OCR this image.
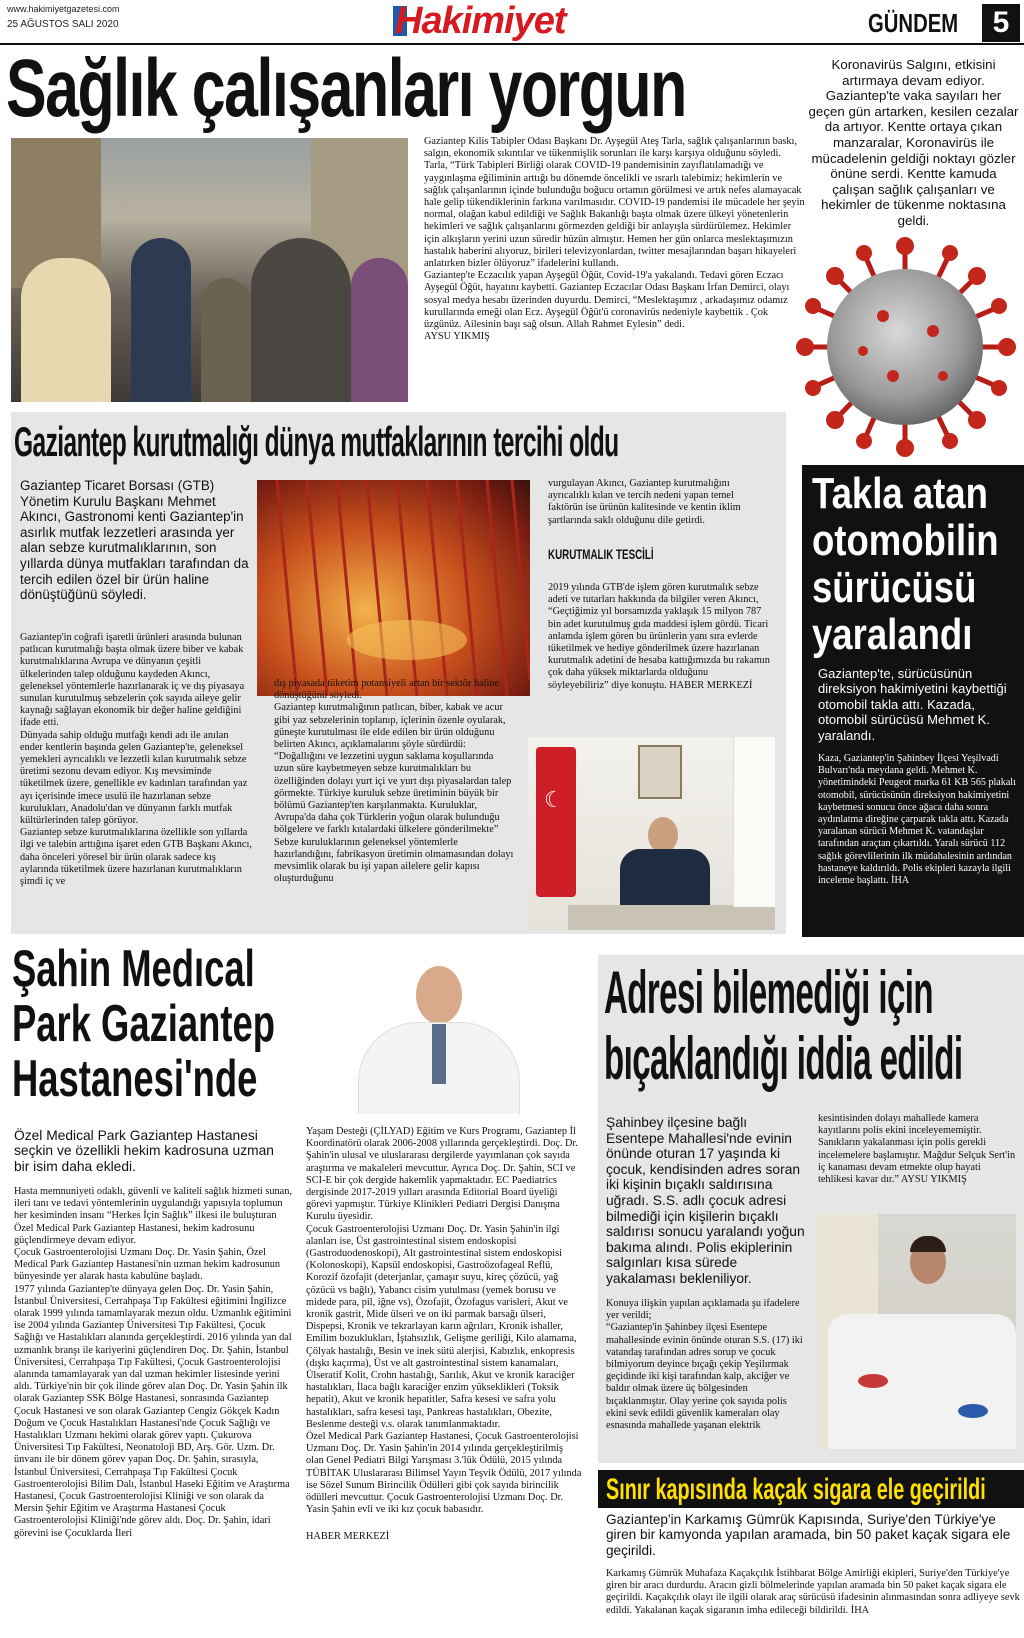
www.hakimiyetgazetesi.com
25 AĞUSTOS SALI 2020	Hakimiyet	GÜNDEM	5
Sağlık çalışanları yorgun

Gaziantep Kilis Tabipler Odası Başkanı Dr. Ayşegül Ateş Tarla, sağlık çalışanlarının baskı, salgın, ekonomik sıkıntılar ve tükenmişlik sorunları ile karşı karşıya olduğunu söyledi. Tarla, “Türk Tabipleri Birliği olarak COVID-19 pandemisinin zayıflatılamadığı ve yaygınlaşma eğiliminin arttığı bu dönemde öncelikli ve ısrarlı talebimiz; hekimlerin ve sağlık çalışanlarının içinde bulunduğu boğucu ortamın görülmesi ve artık nefes alamayacak hale gelip tükendiklerinin farkına varılmasıdır. COVID-19 pandemisi ile mücadele her şeyin normal, olağan kabul edildiği ve Sağlık Bakanlığı başta olmak üzere ülkeyi yönetenlerin hekimleri ve sağlık çalışanlarını görmezden geldiği bir anlayışla sürdürülemez. Hekimler için alkışların yerini uzun süredir hüzün almıştır. Hemen her gün onlarca meslektaşımızın hastalık haberini alıyoruz, birileri televizyonlardan, twitter mesajlarından başarı hikayeleri anlatırken bizler ölüyoruz” ifadelerini kullandı.

Gaziantep'te Eczacılık yapan Ayşegül Öğüt, Covid-19'a yakalandı. Tedavi gören Eczacı Ayşegül Öğüt, hayatını kaybetti. Gaziantep Eczacılar Odası Başkanı İrfan Demirci, olayı sosyal medya hesabı üzerinden duyurdu. Demirci, “Meslektaşımız , arkadaşımız odamız kurullarında emeği olan Ecz. Ayşegül Öğüt'ü coronavirüs nedeniyle kaybettik . Çok üzgünüz. Ailesinin başı sağ olsun. Allah Rahmet Eylesin” dedi.

AYSU YIKMIŞ

Koronavirüs Salgını, etkisini artırmaya devam ediyor. Gaziantep'te vaka sayıları her geçen gün artarken, kesilen cezalar da artıyor. Kentte ortaya çıkan manzaralar, Koronavirüs ile mücadelenin geldiği noktayı gözler önüne serdi. Kentte kamuda çalışan sağlık çalışanları ve hekimler de tükenme noktasına geldi.
Gaziantep kurutmalığı dünya mutfaklarının tercihi oldu
Gaziantep Ticaret Borsası (GTB) Yönetim Kurulu Başkanı Mehmet Akıncı, Gastronomi kenti Gaziantep'in asırlık mutfak lezzetleri arasında yer alan sebze kurutmalıklarının, son yıllarda dünya mutfakları tarafından da tercih edilen özel bir ürün haline dönüştüğünü söyledi.

Gaziantep'in coğrafi işaretli ürünleri arasında bulunan patlıcan kurutmalığı başta olmak üzere biber ve kabak kurutmalıklarına Avrupa ve dünyanın çeşitli ülkelerinden talep olduğunu kaydeden Akıncı, geleneksel yöntemlerle hazırlanarak iç ve dış piyasaya sunulan kurutulmuş sebzelerin çok sayıda aileye gelir kaynağı sağlayan ekonomik bir değer haline geldiğini ifade etti.

Dünyada sahip olduğu mutfağı kendi adı ile anılan ender kentlerin başında gelen Gaziantep'te, geleneksel yemekleri ayrıcalıklı ve lezzetli kılan kurutmalık sebze üretimi sezonu devam ediyor. Kış mevsiminde tüketilmek üzere, genellikle ev kadınları tarafından yaz ayı içerisinde imece usulü ile hazırlanan sebze kurulukları, Anadolu'dan ve dünyanın farklı mutfak kültürlerinden talep görüyor.

Gaziantep sebze kurutmalıklarına özellikle son yıllarda ilgi ve talebin arttığına işaret eden GTB Başkanı Akıncı, daha önceleri yöresel bir ürün olarak sadece kış aylarında tüketilmek üzere hazırlanan kurutmalıkların şimdi iç ve

dış piyasada tüketim potansiyeli artan bir sektör haline dönüştüğünü söyledi.

Gaziantep kurutmalığının patlıcan, biber, kabak ve acur gibi yaz sebzelerinin toplanıp, içlerinin özenle oyularak, güneşte kurutulması ile elde edilen bir ürün olduğunu belirten Akıncı, açıklamalarını şöyle sürdürdü:

“Doğallığını ve lezzetini uygun saklama koşullarında uzun süre kaybetmeyen sebze kurutmalıkları bu özelliğinden dolayı yurt içi ve yurt dışı piyasalardan talep görmekte. Türkiye kuruluk sebze üretiminin büyük bir bölümü Gaziantep'ten karşılanmakta. Kuruluklar, Avrupa'da daha çok Türklerin yoğun olarak bulunduğu bölgelere ve farklı kıtalardaki ülkelere gönderilmekte”

Sebze kuruluklarının geleneksel yöntemlerle hazırlandığını, fabrikasyon üretimin olmamasından dolayı mevsimlik olarak bu işi yapan ailelere gelir kapısı oluşturduğunu

vurgulayan Akıncı, Gaziantep kurutmalığını ayrıcalıklı kılan ve tercih nedeni yapan temel faktörün ise ürünün kalitesinde ve kentin iklim şartlarında saklı olduğunu dile getirdi.
KURUTMALIK TESCİLİ
2019 yılında GTB'de işlem gören kurutmalık sebze adeti ve tutarları hakkında da bilgiler veren Akıncı, “Geçtiğimiz yıl borsamızda yaklaşık 15 milyon 787 bin adet kurutulmuş gıda maddesi işlem gördü. Ticari anlamda işlem gören bu ürünlerin yanı sıra evlerde tüketilmek ve hediye gönderilmek üzere hazırlanan kurutmalık adetini de hesaba kattığımızda bu rakamın çok daha yüksek miktarlarda olduğunu söyleyebiliriz” diye konuştu. HABER MERKEZİ
☾
Takla atan
otomobilin
sürücüsü
yaralandı
Gaziantep'te, sürücüsünün direksiyon hakimiyetini kaybettiği otomobil takla attı. Kazada, otomobil sürücüsü Mehmet K. yaralandı.
Kaza, Gaziantep'in Şahinbey İlçesi Yeşilvadi Bulvarı'nda meydana geldi. Mehmet K. yönetimindeki Peugeot marka 61 KB 565 plakalı otomobil, sürücüsünün direksiyon hakimiyetini kaybetmesi sonucu önce ağaca daha sonra aydınlatma direğine çarparak takla attı. Kazada yaralanan sürücü Mehmet K. vatandaşlar tarafından araçtan çıkartıldı. Yaralı sürücü 112 sağlık görevlilerinin ilk müdahalesinin ardından hastaneye kaldırıldı. Polis ekipleri kazayla ilgili inceleme başlattı. İHA
Şahin Medıcal
Park Gaziantep
Hastanesi'nde
Özel Medical Park Gaziantep Hastanesi seçkin ve özellikli hekim kadrosuna uzman bir isim daha ekledi.

Hasta memnuniyeti odaklı, güvenli ve kaliteli sağlık hizmeti sunan, ileri tanı ve tedavi yöntemlerinin uygulandığı yapısıyla toplumun her kesiminden insanı “Herkes İçin Sağlık” ilkesi ile buluşturan Özel Medical Park Gaziantep Hastanesi, hekim kadrosunu güçlendirmeye devam ediyor.

Çocuk Gastroenterolojisi Uzmanı Doç. Dr. Yasin Şahin, Özel Medical Park Gaziantep Hastanesi'nin uzman hekim kadrosunun bünyesinde yer alarak hasta kabulüne başladı.

1977 yılında Gaziantep'te dünyaya gelen Doç. Dr. Yasin Şahin, İstanbul Üniversitesi, Cerrahpaşa Tıp Fakültesi eğitimini İngilizce olarak 1999 yılında tamamlayarak mezun oldu. Uzmanlık eğitimini ise 2004 yılında Gaziantep Üniversitesi Tıp Fakültesi, Çocuk Sağlığı ve Hastalıkları alanında gerçekleştirdi. 2016 yılında yan dal uzmanlık branşı ile kariyerini güçlendiren Doç. Dr. Şahin, İstanbul Üniversitesi, Cerrahpaşa Tıp Fakültesi, Çocuk Gastroenterolojisi alanında tamamlayarak yan dal uzman hekimler listesinde yerini aldı. Türkiye'nin bir çok ilinde görev alan Doç. Dr. Yasin Şahin ilk olarak Gaziantep SSK Bölge Hastanesi, sonrasında Gaziantep Çocuk Hastanesi ve son olarak Gaziantep Cengiz Gökçek Kadın Doğum ve Çocuk Hastalıkları Hastanesi'nde Çocuk Sağlığı ve Hastalıkları Uzmanı hekimi olarak görev yaptı. Çukurova Üniversitesi Tıp Fakültesi, Neonatoloji BD, Arş. Gör. Uzm. Dr. ünvanı ile bir dönem görev yapan Doç. Dr. Şahin, sırasıyla, İstanbul Üniversitesi, Cerrahpaşa Tıp Fakültesi Çocuk Gastroenterolojisi Bilim Dalı, İstanbul Haseki Eğitim ve Araştırma Hastanesi, Çocuk Gastroenterolojisi Kliniği ve son olarak da Mersin Şehir Eğitim ve Araştırma Hastanesi Çocuk Gastroenterolojisi Kliniği'nde görev aldı. Doç. Dr. Şahin, idari görevini ise Çocuklarda İleri

Yaşam Desteği (ÇİLYAD) Eğitim ve Kurs Programı, Gaziantep İl Koordinatörü olarak 2006-2008 yıllarında gerçekleştirdi. Doç. Dr. Şahin'in ulusal ve uluslararası dergilerde yayımlanan çok sayıda araştırma ve makaleleri mevcuttur. Ayrıca Doç. Dr. Şahin, SCI ve SCI-E bir çok dergide hakemlik yapmaktadır. EC Paediatrics dergisinde 2017-2019 yılları arasında Editorial Board üyeliği görevi yapmıştır. Türkiye Klinikleri Pediatri Dergisi Danışma Kurulu üyesidir.

Çocuk Gastroenterolojisi Uzmanı Doç. Dr. Yasin Şahin'in ilgi alanları ise, Üst gastrointestinal sistem endoskopisi (Gastroduodenoskopi), Alt gastrointestinal sistem endoskopisi (Kolonoskopi), Kapsül endoskopisi, Gastroözofageal Reflü, Korozif özofajit (deterjanlar, çamaşır suyu, kireç çözücü, yağ çözücü vs bağlı), Yabancı cisim yutulması (yemek borusu ve midede para, pil, iğne vs), Özofajit, Özofagus varisleri, Akut ve kronik gastrit, Mide ülseri ve on iki parmak barsağı ülseri, Dispepsi, Kronik ve tekrarlayan karın ağrıları, Kronik ishaller, Emilim bozuklukları, İştahsızlık, Gelişme geriliği, Kilo alamama, Çölyak hastalığı, Besin ve inek sütü alerjisi, Kabızlık, enkopresis (dışkı kaçırma), Üst ve alt gastrointestinal sistem kanamaları, Ülseratif Kolit, Crohn hastalığı, Sarılık, Akut ve kronik karaciğer hastalıkları, İlaca bağlı karaciğer enzim yükseklikleri (Toksik hepatit), Akut ve kronik hepatitler, Safra kesesi ve safra yolu hastalıkları, safra kesesi taşı, Pankreas hastalıkları, Obezite, Beslenme desteği v.s. olarak tanımlanmaktadır.

Özel Medical Park Gaziantep Hastanesi, Çocuk Gastroenterolojisi Uzmanı Doç. Dr. Yasin Şahin'in 2014 yılında gerçekleştirilmiş olan Genel Pediatri Bilgi Yarışması 3.'lük Ödülü, 2015 yılında TÜBİTAK Uluslararası Bilimsel Yayın Teşvik Ödülü, 2017 yılında ise Sözel Sunum Birincilik Ödülleri gibi çok sayıda birincilik ödülleri mevcuttur. Çocuk Gastroenterolojisi Uzmanı Doç. Dr. Yasin Şahin evli ve iki kız çocuk babasıdır.

HABER MERKEZİ

Adresi bilemediği için
bıçaklandığı iddia edildi
Şahinbey ilçesine bağlı Esentepe Mahallesi'nde evinin önünde oturan 17 yaşında ki çocuk, kendisinden adres soran iki kişinin bıçaklı saldırısına uğradı. S.S. adlı çocuk adresi bilmediği için kişilerin bıçaklı saldırısı sonucu yaralandı yoğun bakıma alındı. Polis ekiplerinin salgınları kısa sürede yakalaması bekleniliyor.

Konuya ilişkin yapılan açıklamada şu ifadelere yer verildi;

“Gaziantep'in Şahinbey ilçesi Esentepe mahallesinde evinin önünde oturan S.S. (17) iki vatandaş tarafından adres sorup ve çocuk bilmiyorum deyince bıçağı çekip Yeşilırmak geçidinde iki kişi tarafından kalp, akciğer ve baldır olmak üzere üç bölgesinden bıçaklanmıştır. Olay yerine çok sayıda polis ekini sevk edildi güvenlik kameraları olay esnasında mahallede yaşanan elektrik

kesintisinden dolayı mahallede kamera kayıtlarını polis ekini inceleyememiştir. Sanıkların yakalanması için polis gerekli incelemelere başlamıştır. Mağdur Selçuk Sert'in iç kanaması devam etmekte olup hayati tehlikesi kavar dır.” AYSU YIKMIŞ
Sınır kapısında kaçak sigara ele geçirildi
Gaziantep'in Karkamış Gümrük Kapısında, Suriye'den Türkiye'ye giren bir kamyonda yapılan aramada, bin 50 paket kaçak sigara ele geçirildi.
Karkamış Gümrük Muhafaza Kaçakçılık İstihbarat Bölge Amirliği ekipleri, Suriye'den Türkiye'ye giren bir aracı durdurdu. Aracın gizli bölmelerinde yapılan aramada bin 50 paket kaçak sigara ele geçirildi. Kaçakçılık olayı ile ilgili olarak araç sürücüsü ifadesinin alınmasından sonra adliyeye sevk edildi. Yakalanan kaçak sigaranın imha edileceği bildirildi. İHA
